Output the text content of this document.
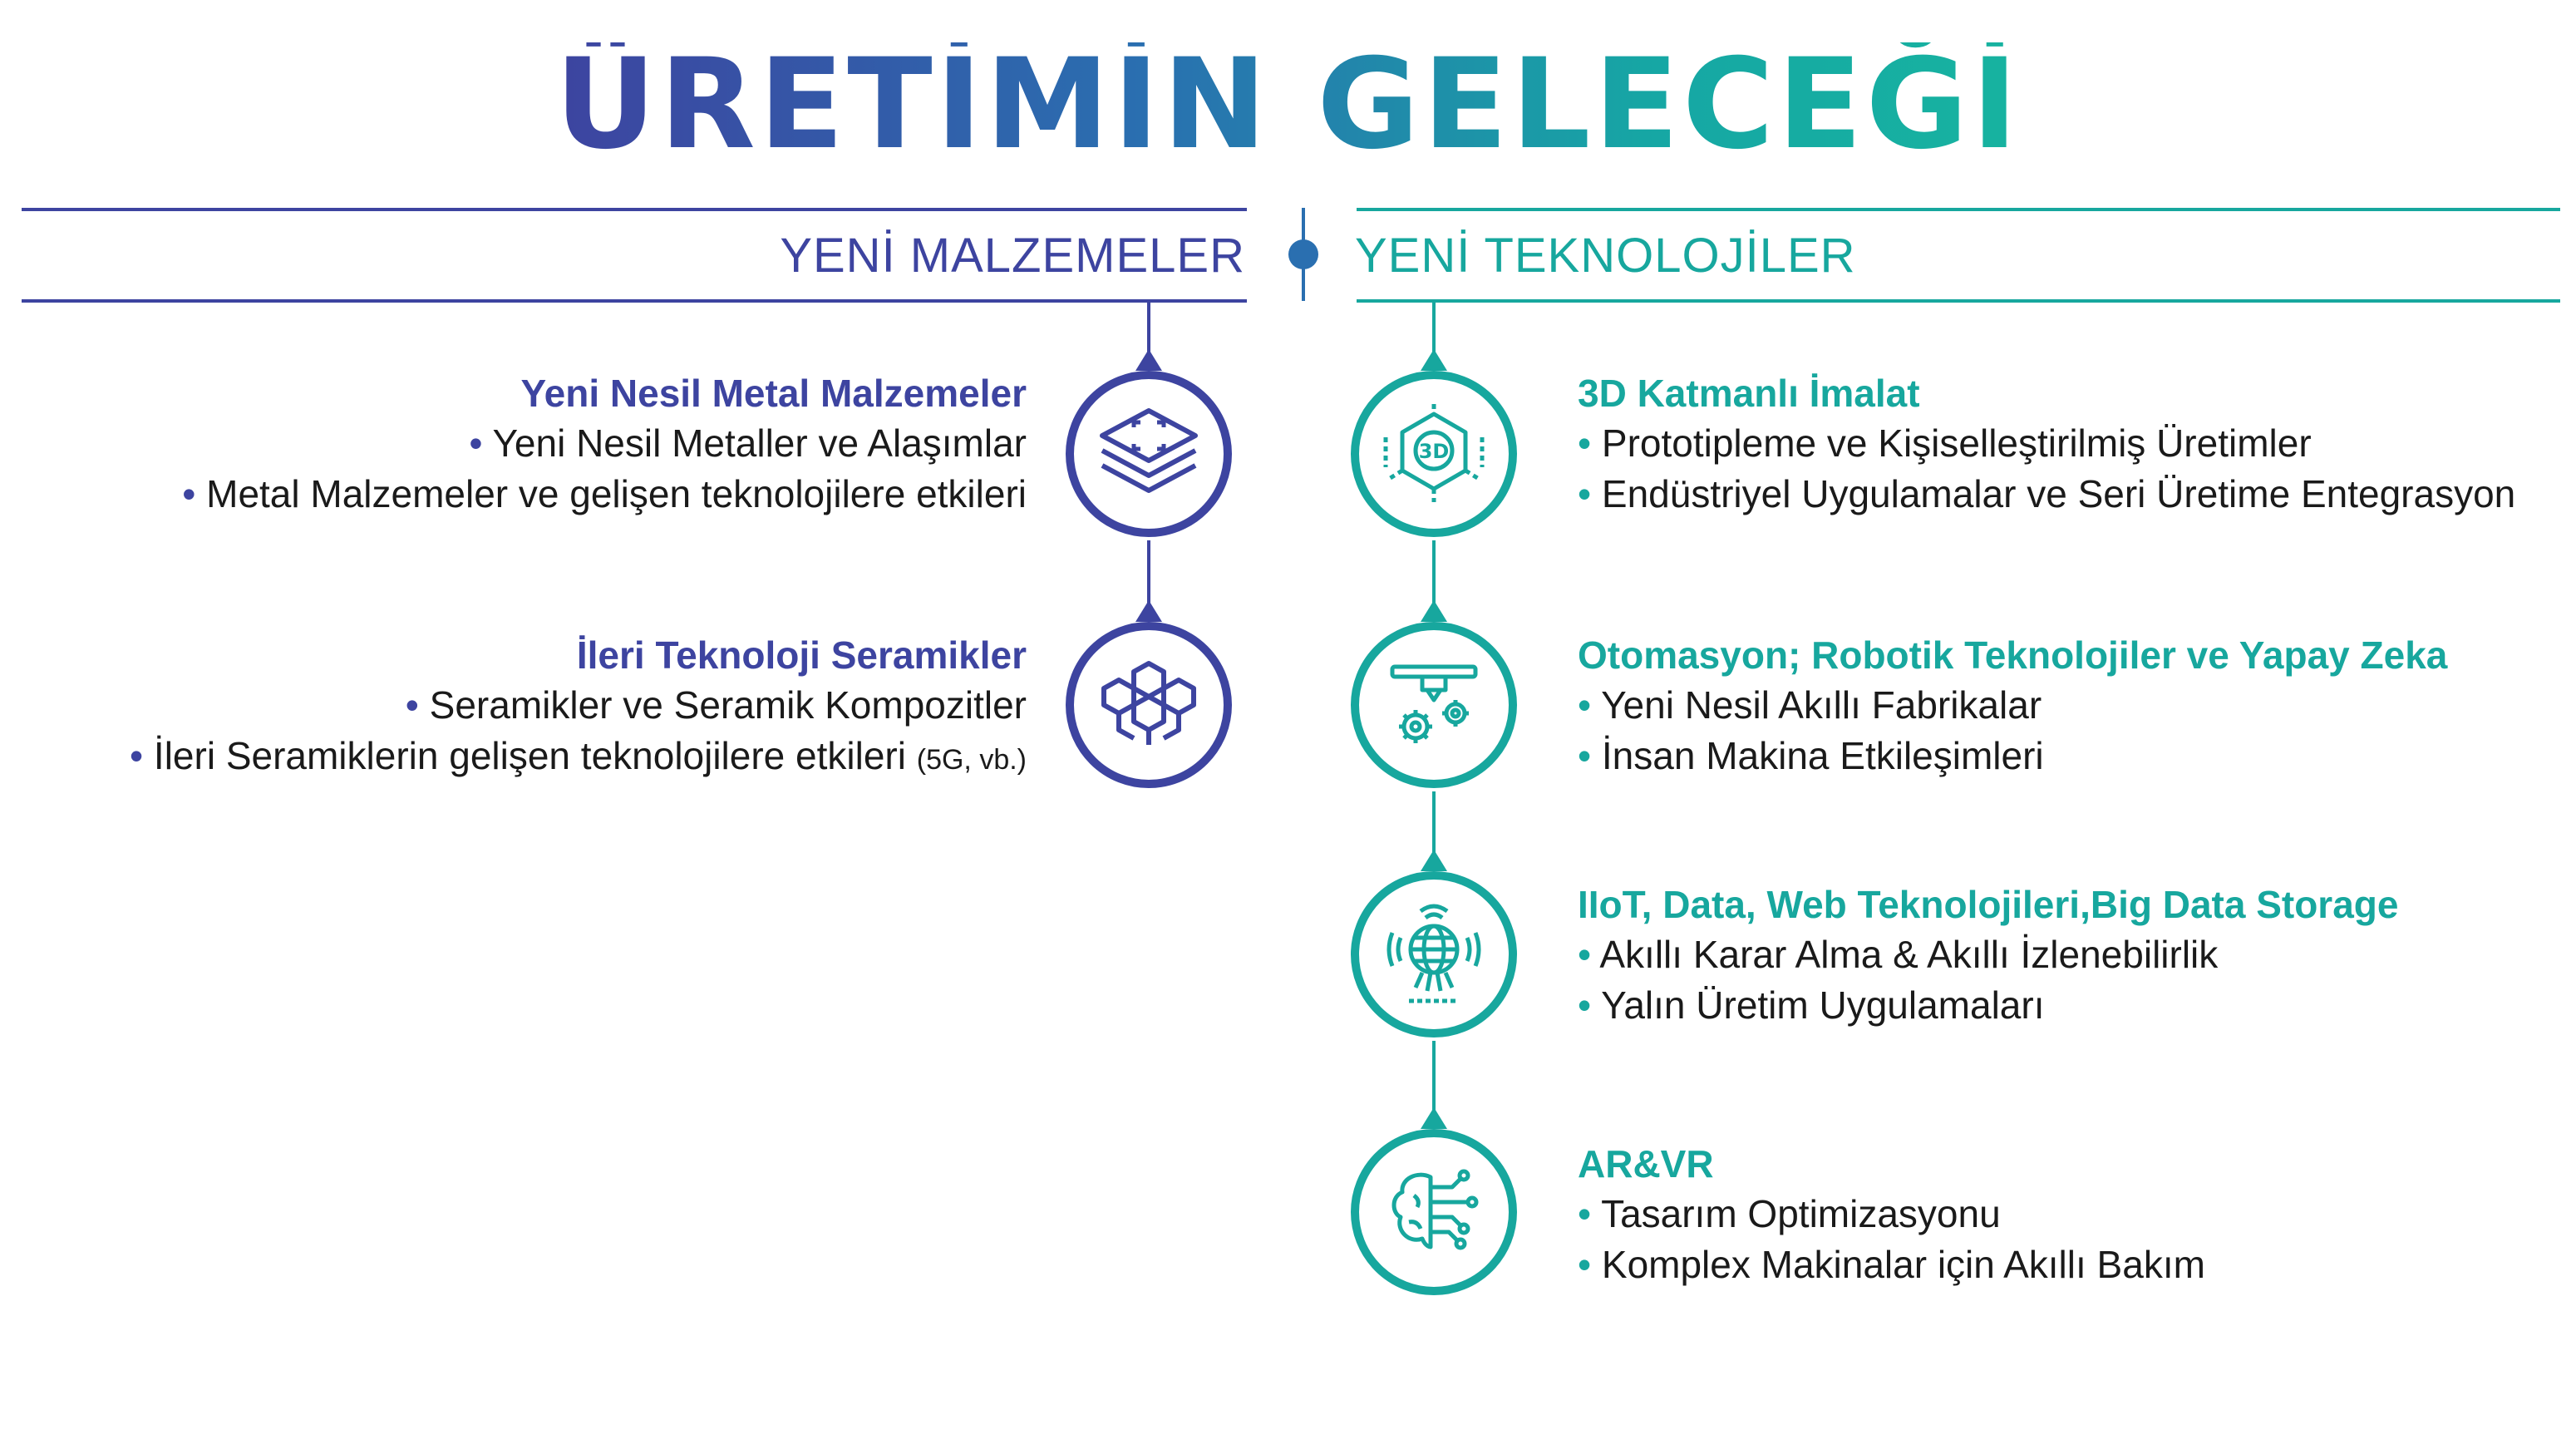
ÜRETİMİN GELECEĞİ
YENİ MALZEMELER YENİ TEKNOLOJİLER
3D
Yeni Nesil Metal Malzemeler
• Yeni Nesil Metaller ve Alaşımlar
• Metal Malzemeler ve gelişen teknolojilere etkileri
İleri Teknoloji Seramikler
• Seramikler ve Seramik Kompozitler
• İleri Seramiklerin gelişen teknolojilere etkileri (5G, vb.)
3D Katmanlı İmalat
• Prototipleme ve Kişiselleştirilmiş Üretimler
• Endüstriyel Uygulamalar ve Seri Üretime Entegrasyon
Otomasyon; Robotik Teknolojiler ve Yapay Zeka
• Yeni Nesil Akıllı Fabrikalar
• İnsan Makina Etkileşimleri
IIoT, Data, Web Teknolojileri,Big Data Storage
• Akıllı Karar Alma & Akıllı İzlenebilirlik
• Yalın Üretim Uygulamaları
AR&VR
• Tasarım Optimizasyonu
• Komplex Makinalar için Akıllı Bakım
